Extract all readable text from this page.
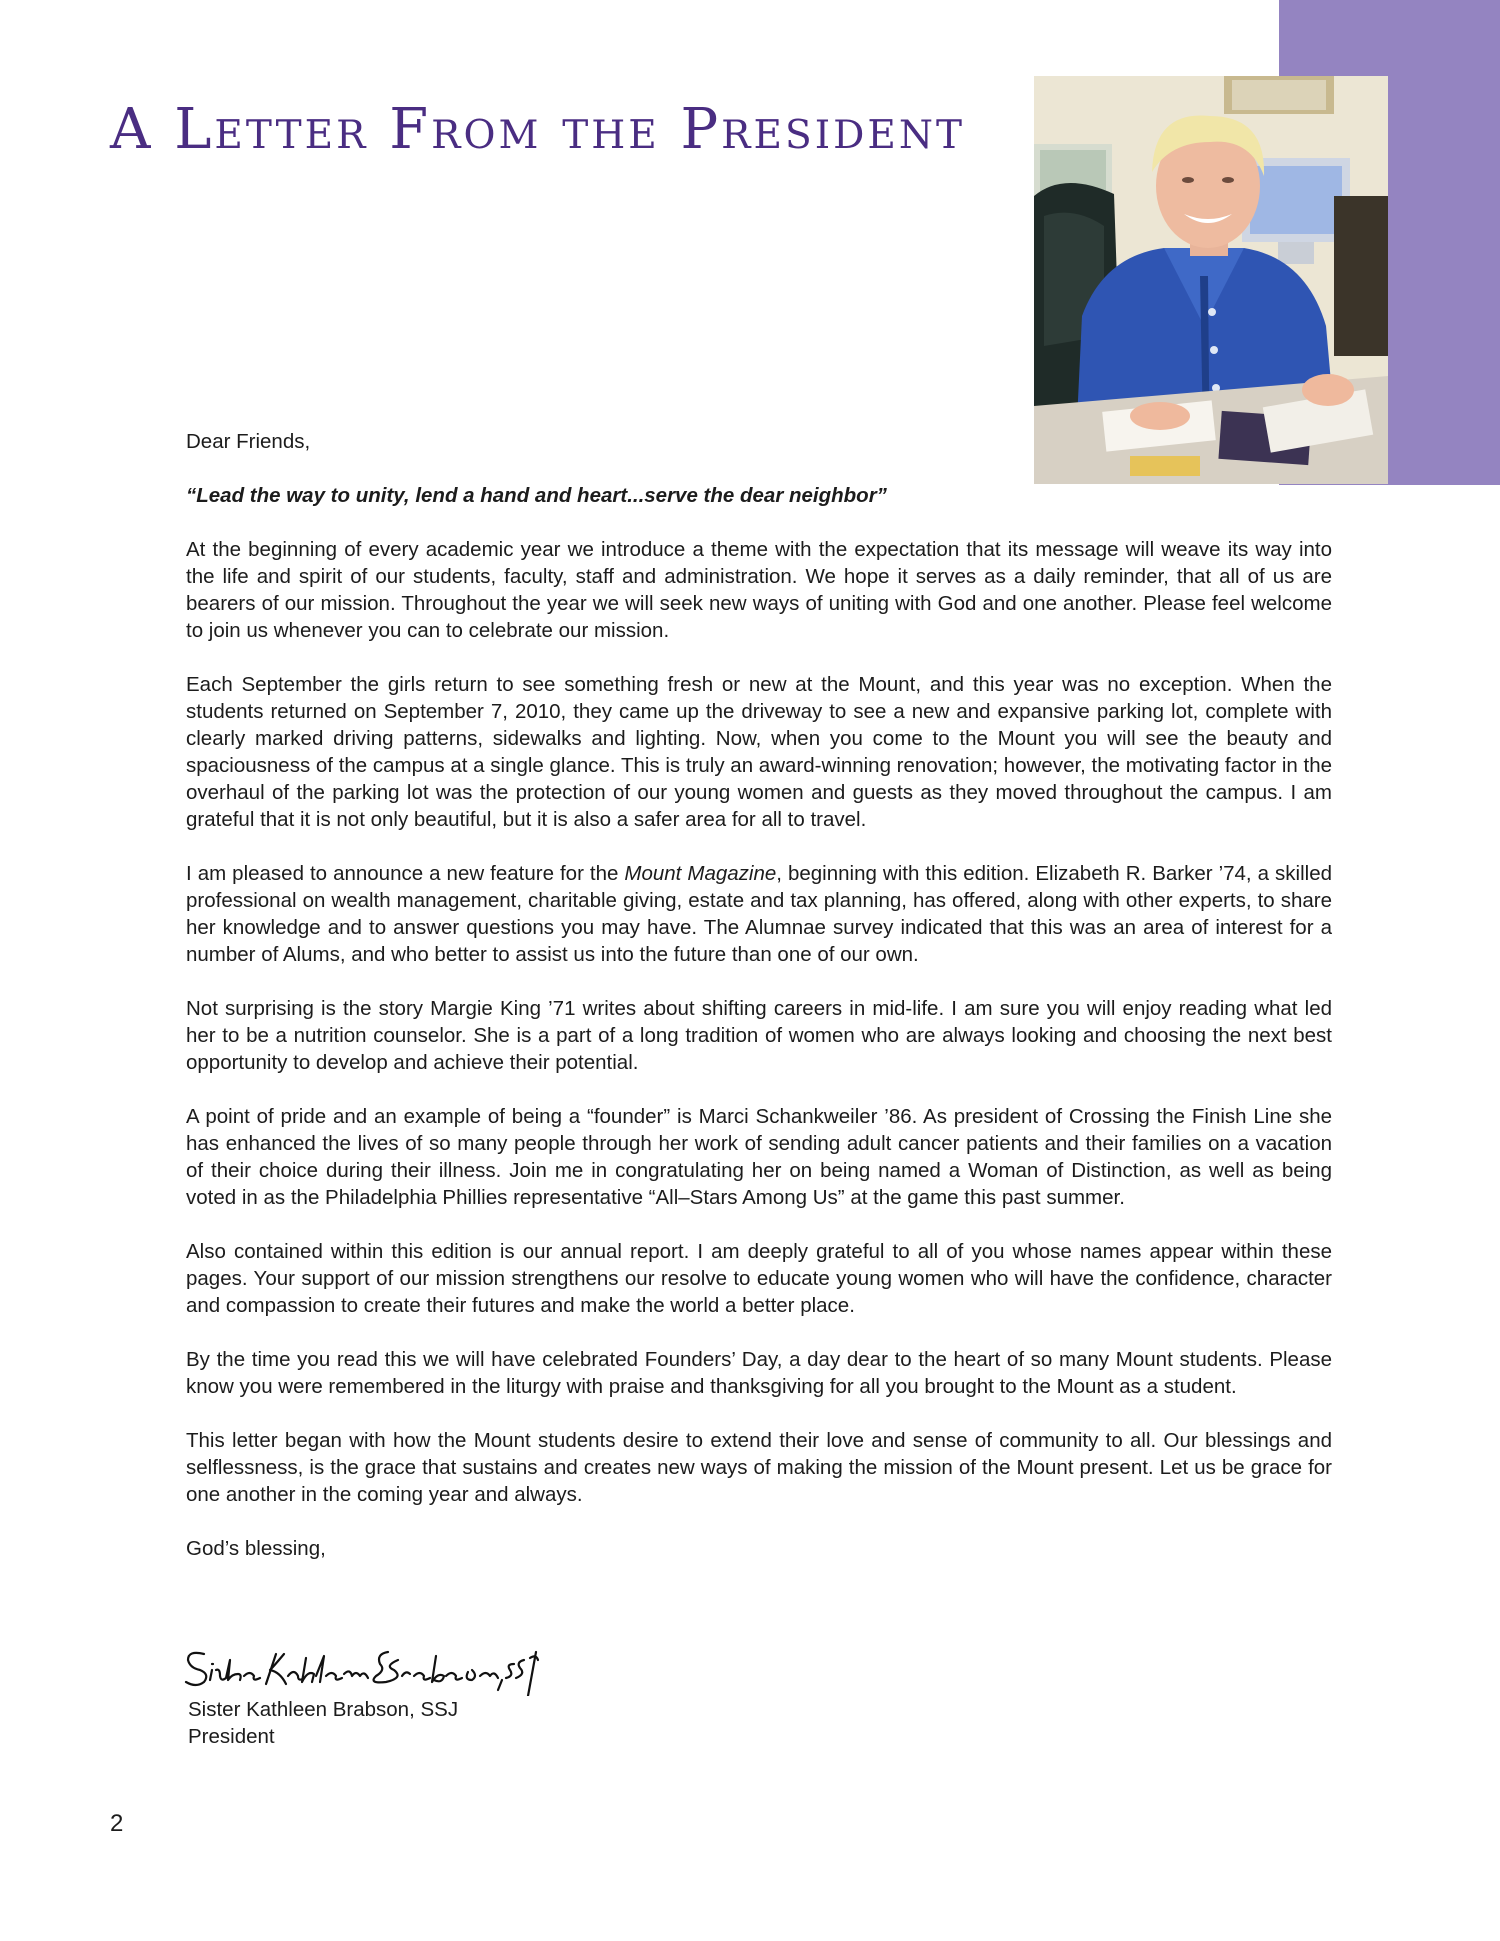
A Letter From the President

Dear Friends,

“Lead the way to unity, lend a hand and heart...serve the dear neighbor”

At the beginning of every academic year we introduce a theme with the expectation that its message will weave its way into the life and spirit of our students, faculty, staff and administration. We hope it serves as a daily reminder, that all of us are bearers of our mission. Throughout the year we will seek new ways of uniting with God and one another. Please feel welcome to join us whenever you can to celebrate our mission.

Each September the girls return to see something fresh or new at the Mount, and this year was no exception. When the students returned on September 7, 2010, they came up the driveway to see a new and expansive parking lot, complete with clearly marked driving patterns, sidewalks and lighting. Now, when you come to the Mount you will see the beauty and spaciousness of the campus at a single glance. This is truly an award-winning renovation; however, the motivating factor in the overhaul of the parking lot was the protection of our young women and guests as they moved throughout the campus. I am grateful that it is not only beautiful, but it is also a safer area for all to travel.

I am pleased to announce a new feature for the Mount Magazine, beginning with this edition. Elizabeth R. Barker ’74, a skilled professional on wealth management, charitable giving, estate and tax planning, has offered, along with other experts, to share her knowledge and to answer questions you may have. The Alumnae survey indicated that this was an area of interest for a number of Alums, and who better to assist us into the future than one of our own.

Not surprising is the story Margie King ’71 writes about shifting careers in mid-life. I am sure you will enjoy reading what led her to be a nutrition counselor. She is a part of a long tradition of women who are always looking and choosing the next best opportunity to develop and achieve their potential.

A point of pride and an example of being a “founder” is Marci Schankweiler ’86. As president of Crossing the Finish Line she has enhanced the lives of so many people through her work of sending adult cancer patients and their families on a vacation of their choice during their illness. Join me in congratulating her on being named a Woman of Distinction, as well as being voted in as the Philadelphia Phillies representative “All–Stars Among Us” at the game this past summer.

Also contained within this edition is our annual report. I am deeply grateful to all of you whose names appear within these pages. Your support of our mission strengthens our resolve to educate young women who will have the confidence, character and compassion to create their futures and make the world a better place.

By the time you read this we will have celebrated Founders’ Day, a day dear to the heart of so many Mount students. Please know you were remembered in the liturgy with praise and thanksgiving for all you brought to the Mount as a student.

This letter began with how the Mount students desire to extend their love and sense of community to all. Our blessings and selflessness, is the grace that sustains and creates new ways of making the mission of the Mount present. Let us be grace for one another in the coming year and always.

God’s blessing,

Sister Kathleen Brabson, SSJ

President

2
